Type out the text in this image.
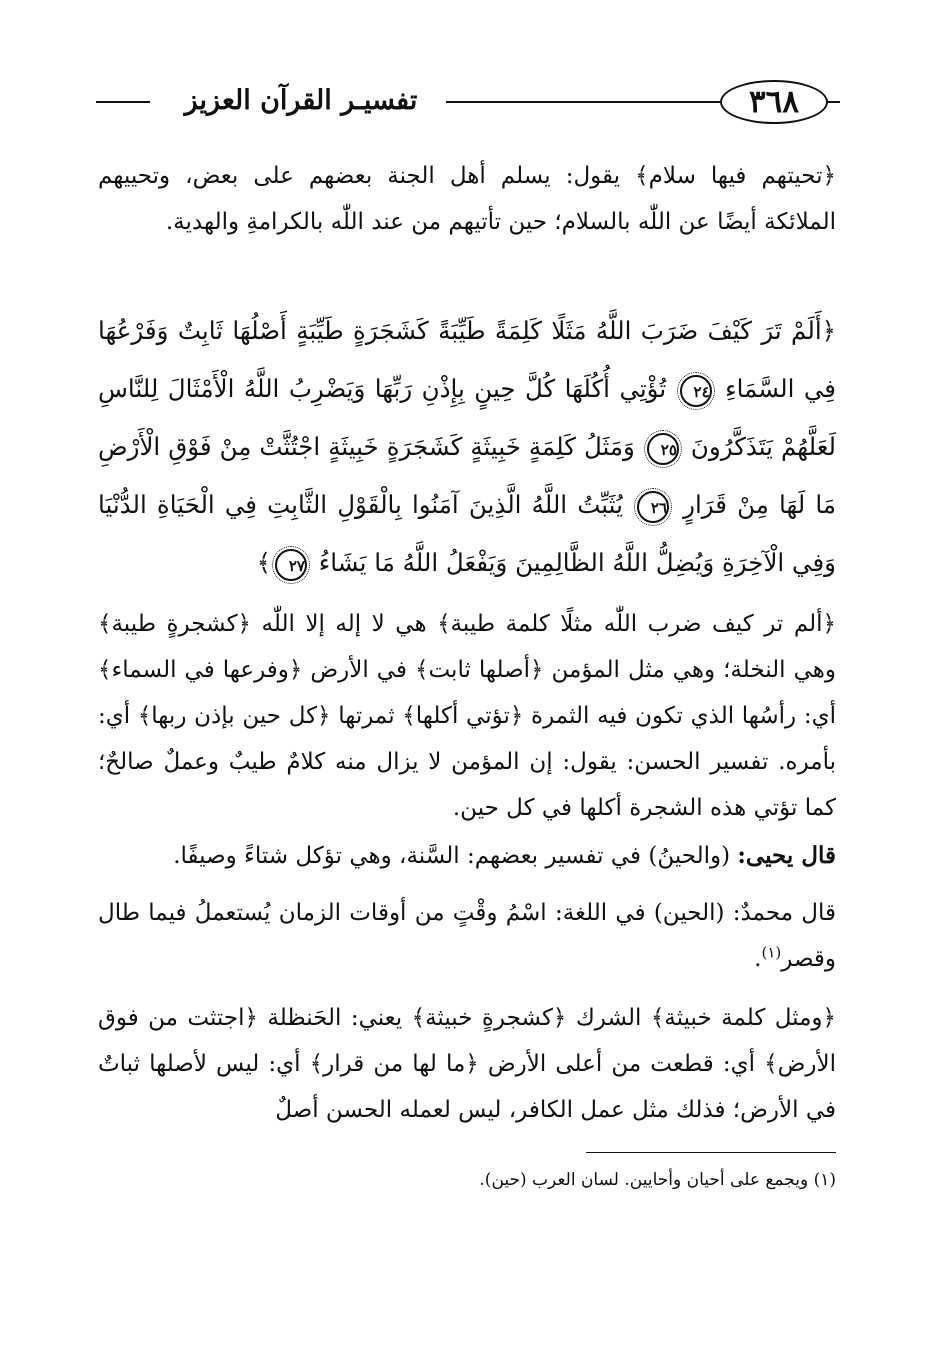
٣٦٨
تفسيـر القرآن العزيز
﴿تحيتهم فيها سلام﴾ يقول: يسلم أهل الجنة بعضهم على بعض، وتحييهم الملائكة أيضًا عن اللّٰه بالسلام؛ حين تأتيهم من عند اللّٰه بالكرامةِ والهدية.
﴿أَلَمْ تَرَ كَيْفَ ضَرَبَ اللَّهُ مَثَلًا كَلِمَةً طَيِّبَةً كَشَجَرَةٍ طَيِّبَةٍ أَصْلُهَا ثَابِتٌ وَفَرْعُهَا فِي السَّمَاءِ ٢٤ تُؤْتِي أُكُلَهَا كُلَّ حِينٍ بِإِذْنِ رَبِّهَا وَيَضْرِبُ اللَّهُ الْأَمْثَالَ لِلنَّاسِ لَعَلَّهُمْ يَتَذَكَّرُونَ ٢٥ وَمَثَلُ كَلِمَةٍ خَبِيثَةٍ كَشَجَرَةٍ خَبِيثَةٍ اجْتُثَّتْ مِنْ فَوْقِ الْأَرْضِ مَا لَهَا مِنْ قَرَارٍ ٢٦ يُثَبِّتُ اللَّهُ الَّذِينَ آمَنُوا بِالْقَوْلِ الثَّابِتِ فِي الْحَيَاةِ الدُّنْيَا وَفِي الْآخِرَةِ وَيُضِلُّ اللَّهُ الظَّالِمِينَ وَيَفْعَلُ اللَّهُ مَا يَشَاءُ ٢٧﴾
﴿ألم تر كيف ضرب اللّٰه مثلًا كلمة طيبة﴾ هي لا إله إلا اللّٰه ﴿كشجرةٍ طيبة﴾ وهي النخلة؛ وهي مثل المؤمن ﴿أصلها ثابت﴾ في الأرض ﴿وفرعها في السماء﴾ أي: رأسُها الذي تكون فيه الثمرة ﴿تؤتي أكلها﴾ ثمرتها ﴿كل حين بإذن ربها﴾ أي: بأمره. تفسير الحسن: يقول: إن المؤمن لا يزال منه كلامٌ طيبٌ وعملٌ صالحٌ؛ كما تؤتي هذه الشجرة أكلها في كل حين.
قال يحيى: (والحينُ) في تفسير بعضهم: السَّنة، وهي تؤكل شتاءً وصيفًا.
قال محمدٌ: (الحين) في اللغة: اسْمُ وقْتٍ من أوقات الزمان يُستعملُ فيما طال وقصر$^{(١)}$.
﴿ومثل كلمة خبيثة﴾ الشرك ﴿كشجرةٍ خبيثة﴾ يعني: الحَنظلة ﴿اجتثت من فوق الأرض﴾ أي: قطعت من أعلى الأرض ﴿ما لها من قرار﴾ أي: ليس لأصلها ثباتٌ في الأرض؛ فذلك مثل عمل الكافر، ليس لعمله الحسن أصلٌ
(١) ويجمع على أحيان وأحايين. لسان العرب (حين).
